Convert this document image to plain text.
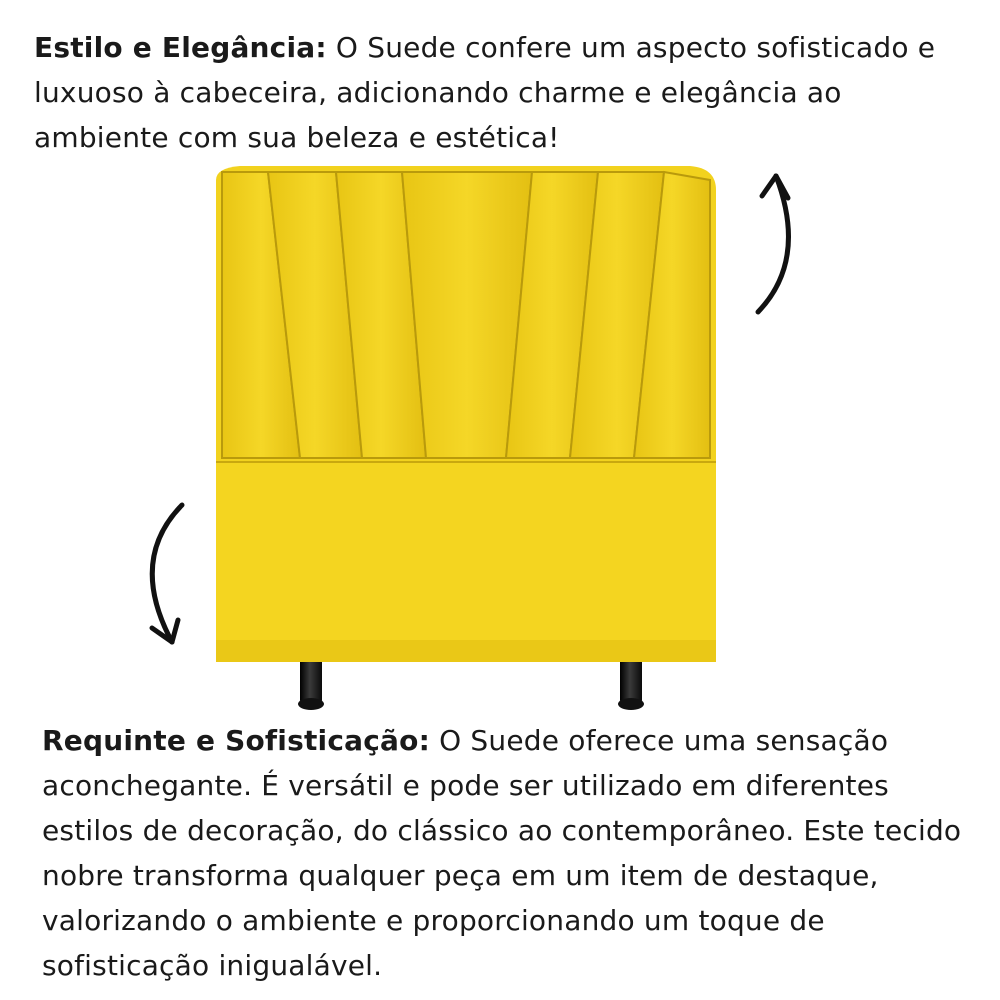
Estilo e Elegância: O Suede confere um aspecto sofisticado e luxuoso à cabeceira, adicionando charme e elegância ao ambiente com sua beleza e estética!
Requinte e Sofisticação: O Suede oferece uma sensação aconchegante. É versátil e pode ser utilizado em diferentes estilos de decoração, do clássico ao contemporâneo. Este tecido nobre transforma qualquer peça em um item de destaque, valorizando o ambiente e proporcionando um toque de sofisticação inigualável.
